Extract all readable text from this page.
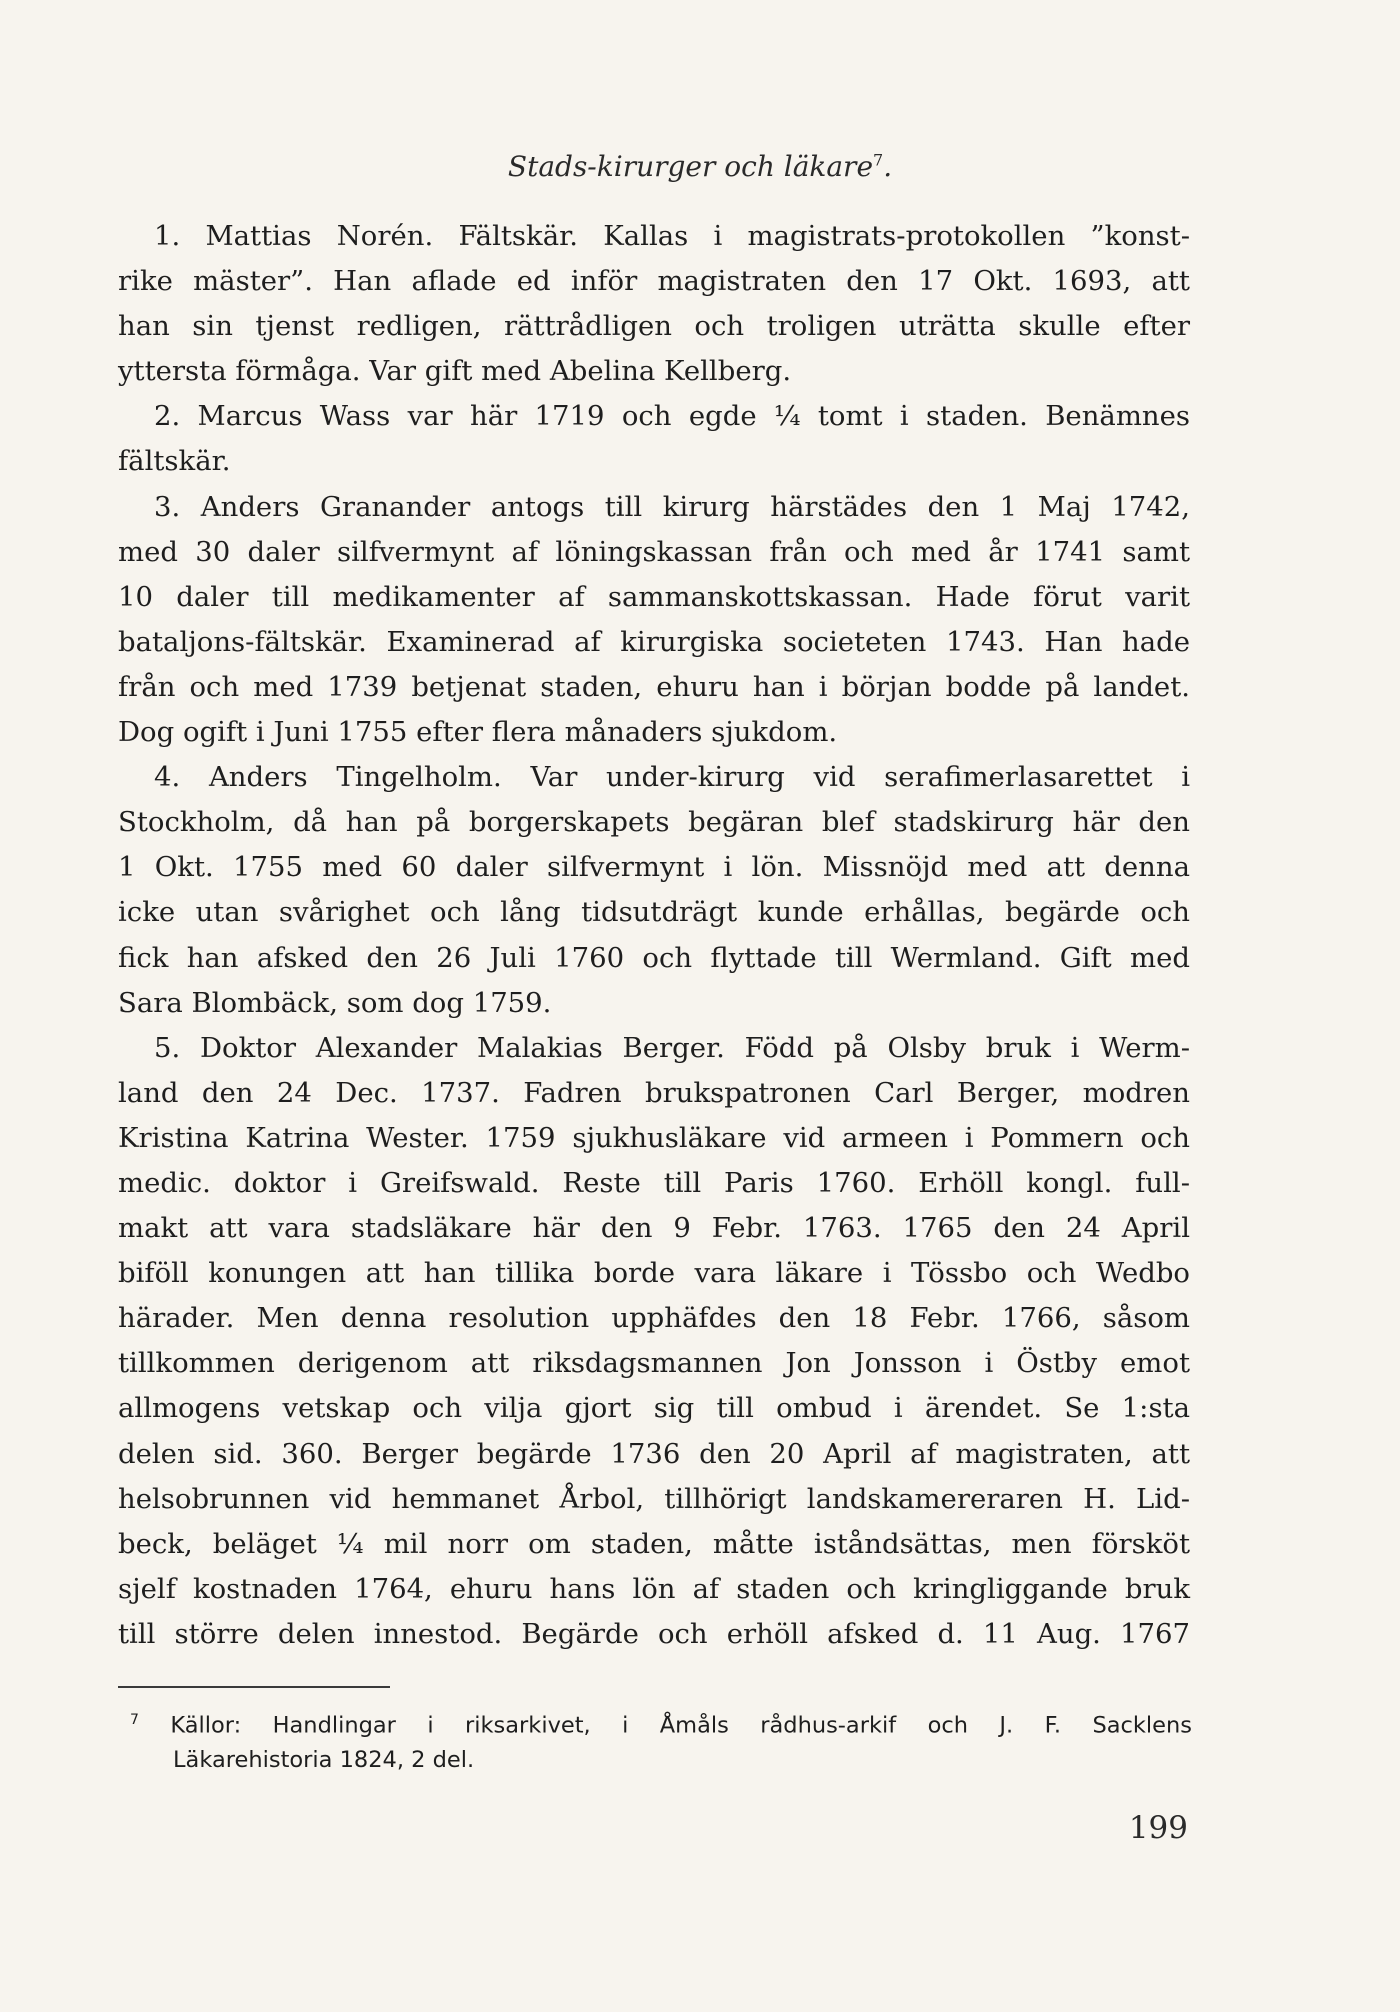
Stads-kirurger och läkare$^7$.
1. Mattias Norén. Fältskär. Kallas i magistrats-protokollen ”konst-
rike mäster”. Han aflade ed inför magistraten den 17 Okt. 1693, att
han sin tjenst redligen, rättrådligen och troligen uträtta skulle efter
yttersta förmåga. Var gift med Abelina Kellberg.
2. Marcus Wass var här 1719 och egde ¼ tomt i staden. Benämnes
fältskär.
3. Anders Granander antogs till kirurg härstädes den 1 Maj 1742,
med 30 daler silfvermynt af löningskassan från och med år 1741 samt
10 daler till medikamenter af sammanskottskassan. Hade förut varit
bataljons-fältskär. Examinerad af kirurgiska societeten 1743. Han hade
från och med 1739 betjenat staden, ehuru han i början bodde på landet.
Dog ogift i Juni 1755 efter flera månaders sjukdom.
4. Anders Tingelholm. Var under-kirurg vid serafimerlasarettet i
Stockholm, då han på borgerskapets begäran blef stadskirurg här den
1 Okt. 1755 med 60 daler silfvermynt i lön. Missnöjd med att denna
icke utan svårighet och lång tidsutdrägt kunde erhållas, begärde och
fick han afsked den 26 Juli 1760 och flyttade till Wermland. Gift med
Sara Blombäck, som dog 1759.
5. Doktor Alexander Malakias Berger. Född på Olsby bruk i Werm-
land den 24 Dec. 1737. Fadren brukspatronen Carl Berger, modren
Kristina Katrina Wester. 1759 sjukhusläkare vid armeen i Pommern och
medic. doktor i Greifswald. Reste till Paris 1760. Erhöll kongl. full-
makt att vara stadsläkare här den 9 Febr. 1763. 1765 den 24 April
biföll konungen att han tillika borde vara läkare i Tössbo och Wedbo
härader. Men denna resolution upphäfdes den 18 Febr. 1766, såsom
tillkommen derigenom att riksdagsmannen Jon Jonsson i Östby emot
allmogens vetskap och vilja gjort sig till ombud i ärendet. Se 1:sta
delen sid. 360. Berger begärde 1736 den 20 April af magistraten, att
helsobrunnen vid hemmanet Årbol, tillhörigt landskamereraren H. Lid-
beck, beläget ¼ mil norr om staden, måtte iståndsättas, men försköt
sjelf kostnaden 1764, ehuru hans lön af staden och kringliggande bruk
till större delen innestod. Begärde och erhöll afsked d. 11 Aug. 1767
$^7$ Källor: Handlingar i riksarkivet, i Åmåls rådhus-arkif och J. F. Sacklens
Läkarehistoria 1824, 2 del.

199
